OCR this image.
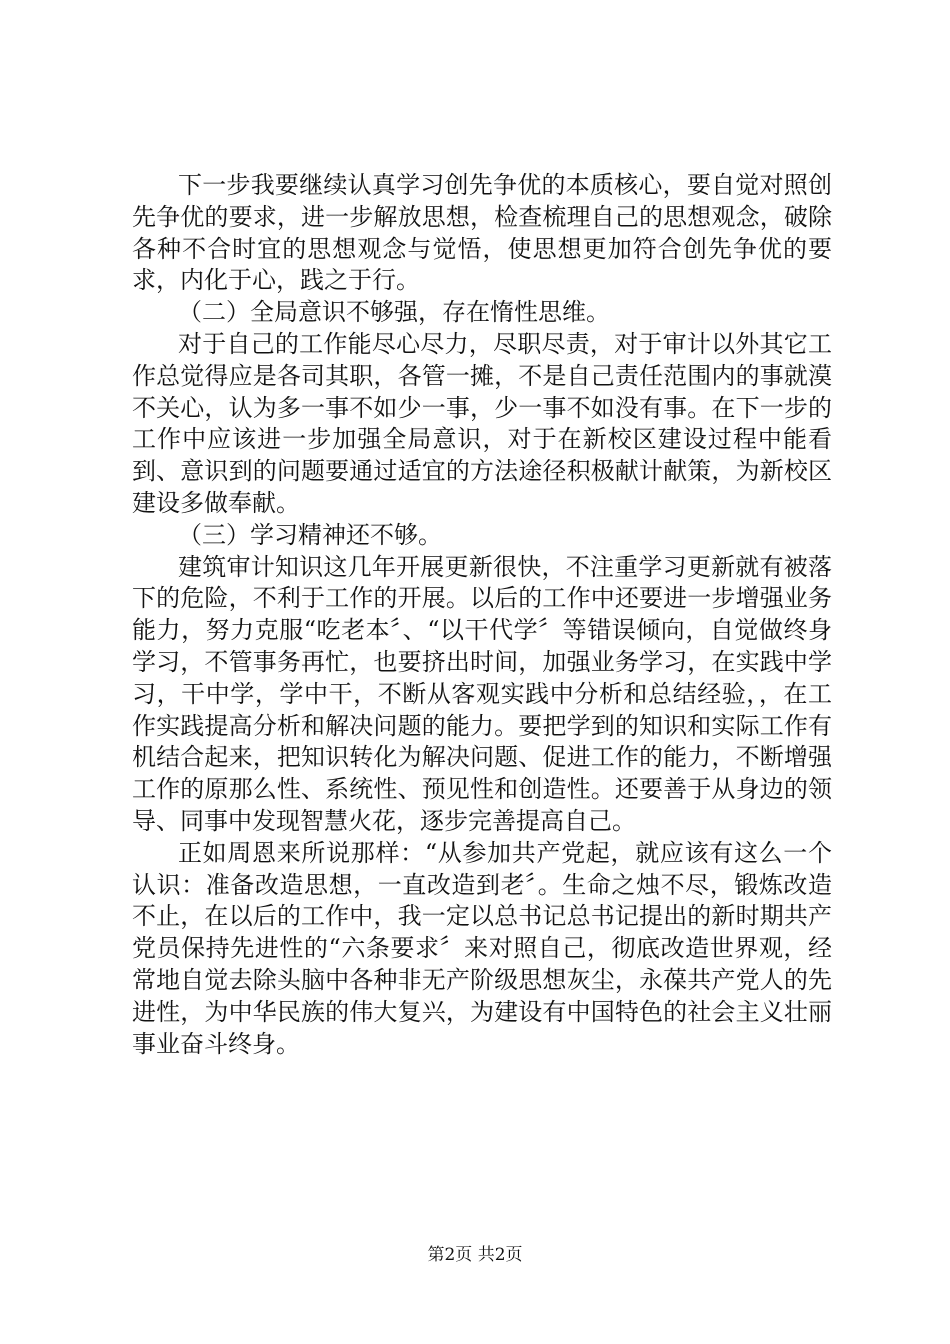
下一步我要继续认真学习创先争优的本质核心，要自觉对照创先争优的要求，进一步解放思想，检查梳理自己的思想观念，破除各种不合时宜的思想观念与觉悟，使思想更加符合创先争优的要求，内化于心，践之于行。

（二）全局意识不够强，存在惰性思维。

对于自己的工作能尽心尽力，尽职尽责，对于审计以外其它工作总觉得应是各司其职，各管一摊，不是自己责任范围内的事就漠不关心，认为多一事不如少一事，少一事不如没有事。在下一步的工作中应该进一步加强全局意识，对于在新校区建设过程中能看到、意识到的问题要通过适宜的方法途径积极献计献策，为新校区建设多做奉献。

（三）学习精神还不够。

建筑审计知识这几年开展更新很快，不注重学习更新就有被落下的危险，不利于工作的开展。以后的工作中还要进一步增强业务能力，努力克服“吃老本〞、“以干代学〞等错误倾向，自觉做终身学习，不管事务再忙，也要挤出时间，加强业务学习，在实践中学习，干中学，学中干，不断从客观实践中分析和总结经验，，在工作实践提高分析和解决问题的能力。要把学到的知识和实际工作有机结合起来，把知识转化为解决问题、促进工作的能力，不断增强工作的原那么性、系统性、预见性和创造性。还要善于从身边的领导、同事中发现智慧火花，逐步完善提高自己。

正如周恩来所说那样：“从参加共产党起，就应该有这么一个认识：准备改造思想，一直改造到老〞。生命之烛不尽，锻炼改造不止，在以后的工作中，我一定以总书记总书记提出的新时期共产党员保持先进性的“六条要求〞来对照自己，彻底改造世界观，经常地自觉去除头脑中各种非无产阶级思想灰尘，永葆共产党人的先进性，为中华民族的伟大复兴，为建设有中国特色的社会主义壮丽事业奋斗终身。

第2页 共2页
